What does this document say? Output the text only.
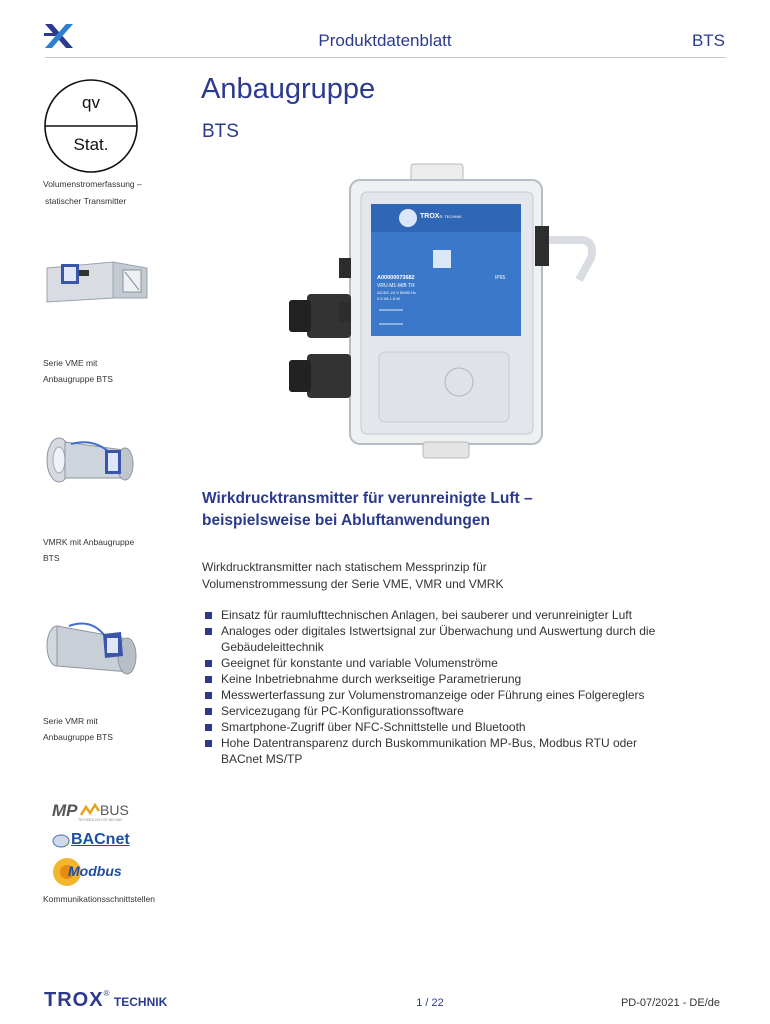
Produktdatenblatt	BTS
qv
Stat.
Volumenstromerfassung –
statischer Transmitter
Serie VME mit
Anbaugruppe BTS
VMRK mit Anbaugruppe
BTS
Serie VMR mit
Anbaugruppe BTS
MP BUS
TECHNOLOGY BY BELIMO
BACnet
Modbus
Kommunikationsschnittstellen
Anbaugruppe
BTS
TROX® TECHNIK
A00000073682
VRU-M1-M/B TR
AC/DC 24 V 50/60 Hz
2.5 VA 1.5 W
IP65
Wirkdrucktransmitter für verunreinigte Luft –
beispielsweise bei Abluftanwendungen
Wirkdrucktransmitter nach statischem Messprinzip für
Volumenstrommessung der Serie VME, VMR und VMRK
Einsatz für raumlufttechnischen Anlagen, bei sauberer und verunreinigter Luft
Analoges oder digitales Istwertsignal zur Überwachung und Auswertung durch die Gebäudeleittechnik
Geeignet für konstante und variable Volumenströme
Keine Inbetriebnahme durch werkseitige Parametrierung
Messwerterfassung zur Volumenstromanzeige oder Führung eines Folgereglers
Servicezugang für PC-Konfigurationssoftware
Smartphone-Zugriff über NFC-Schnittstelle und Bluetooth
Hohe Datentransparenz durch Buskommunikation MP-Bus, Modbus RTU oder BACnet MS/TP
TROX® TECHNIK	1 / 22	PD-07/2021 - DE/de
